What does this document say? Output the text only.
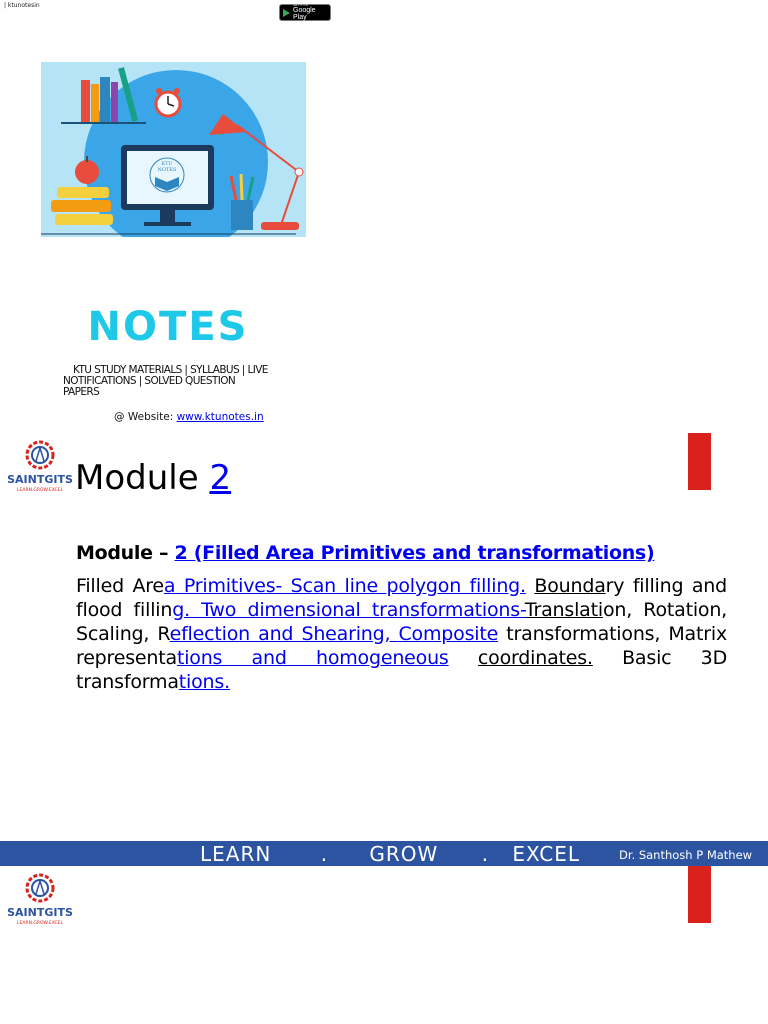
| ktunotesin	GET IT ON
Google Play
KTU
NOTES
NOTES
KTU STUDY MATERIALS | SYLLABUS | LIVE NOTIFICATIONS | SOLVED QUESTION PAPERS
@ Website: www.ktunotes.in
SAINTGITS
LEARN.GROW.EXCEL Module 2
Module – 2 (Filled Area Primitives and transformations)
Filled Area Primitives- Scan line polygon filling. Boundary filling and flood filling. Two dimensional transformations-Translation, Rotation, Scaling, Reflection and Shearing, Composite transformations, Matrix representations and homogeneous coordinates. Basic 3D transformations.
LEARN . GROW . EXCEL	Dr. Santhosh P Mathew
SAINTGITS
LEARN.GROW.EXCEL
